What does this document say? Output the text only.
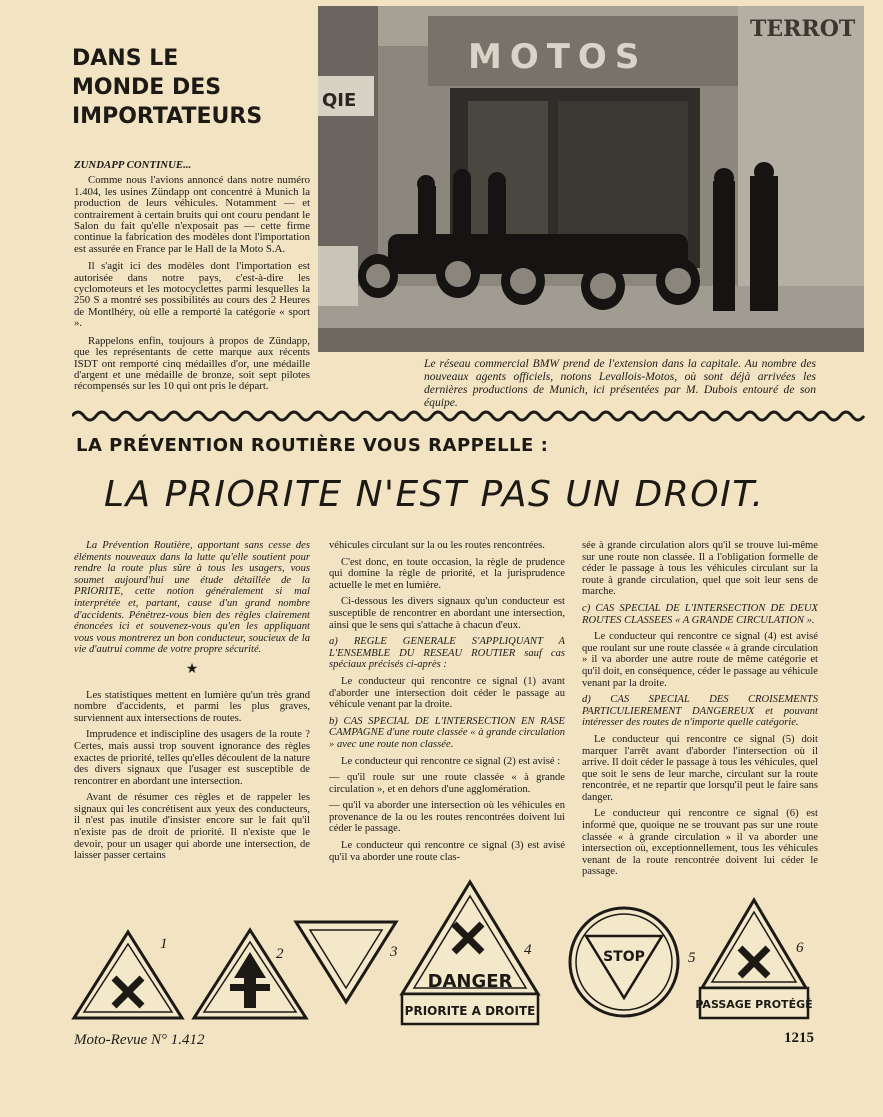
DANS LE
MONDE DES
IMPORTATEURS

ZUNDAPP CONTINUE...

Comme nous l'avions annoncé dans notre numéro 1.404, les usines Zündapp ont concentré à Munich la production de leurs véhicules. Notamment — et contrairement à certain bruits qui ont couru pendant le Salon du fait qu'elle n'exposait pas — cette firme continue la fabrication des modèles dont l'importation est assurée en France par le Hall de la Moto S.A.

Il s'agit ici des modèles dont l'importation est autorisée dans notre pays, c'est-à-dire les cyclomoteurs et les motocyclettes parmi lesquelles la 250 S a montré ses possibilités au cours des 2 Heures de Montlhéry, où elle a remporté la catégorie « sport ».

Rappelons enfin, toujours à propos de Zündapp, que les représentants de cette marque aux récents ISDT ont remporté cinq médailles d'or, une médaille d'argent et une médaille de bronze, soit sept pilotes récompensés sur les 10 qui ont pris le départ.

QIE
MOTOS
TERROT

Le réseau commercial BMW prend de l'extension dans la capitale. Au nombre des nouveaux agents officiels, notons Levallois-Motos, où sont déjà arrivées les dernières productions de Munich, ici présentées par M. Dubois entouré de son équipe.

LA PRÉVENTION ROUTIÈRE VOUS RAPPELLE :
LA PRIORITE N'EST PAS UN DROIT.

La Prévention Routière, apportant sans cesse des éléments nouveaux dans la lutte qu'elle soutient pour rendre la route plus sûre à tous les usagers, vous soumet aujourd'hui une étude détaillée de la PRIORITE, cette notion généralement si mal interprétée et, partant, cause d'un grand nombre d'accidents. Pénétrez-vous bien des règles clairement énoncées ici et souvenez-vous qu'en les appliquant vous vous montrerez un bon conducteur, soucieux de la vie d'autrui comme de votre propre sécurité.

★

Les statistiques mettent en lumière qu'un très grand nombre d'accidents, et parmi les plus graves, surviennent aux intersections de routes.

Imprudence et indiscipline des usagers de la route ? Certes, mais aussi trop souvent ignorance des règles exactes de priorité, telles qu'elles découlent de la nature des divers signaux que l'usager est susceptible de rencontrer en abordant une intersection.

Avant de résumer ces règles et de rappeler les signaux qui les concrétisent aux yeux des conducteurs, il n'est pas inutile d'insister encore sur le fait qu'il n'existe pas de droit de priorité. Il n'existe que le devoir, pour un usager qui aborde une intersection, de laisser passer certains

véhicules circulant sur la ou les routes rencontrées.

C'est donc, en toute occasion, la règle de prudence qui domine la règle de priorité, et la jurisprudence actuelle le met en lumière.

Ci-dessous les divers signaux qu'un conducteur est susceptible de rencontrer en abordant une intersection, ainsi que le sens qui s'attache à chacun d'eux.

a) REGLE GENERALE S'APPLIQUANT A L'ENSEMBLE DU RESEAU ROUTIER sauf cas spéciaux précisés ci-après :

Le conducteur qui rencontre ce signal (1) avant d'aborder une intersection doit céder le passage au véhicule venant par la droite.

b) CAS SPECIAL DE L'INTERSECTION EN RASE CAMPAGNE d'une route classée « à grande circulation » avec une route non classée.

Le conducteur qui rencontre ce signal (2) est avisé :

— qu'il roule sur une route classée « à grande circulation », et en dehors d'une agglomération.

— qu'il va aborder une intersection où les véhicules en provenance de la ou les routes rencontrées doivent lui céder le passage.

Le conducteur qui rencontre ce signal (3) est avisé qu'il va aborder une route clas-

sée à grande circulation alors qu'il se trouve lui-même sur une route non classée. Il a l'obligation formelle de céder le passage à tous les véhicules circulant sur la route à grande circulation, quel que soit leur sens de marche.

c) CAS SPECIAL DE L'INTERSECTION DE DEUX ROUTES CLASSEES « A GRANDE CIRCULATION ».

Le conducteur qui rencontre ce signal (4) est avisé que roulant sur une route classée « à grande circulation » il va aborder une autre route de même catégorie et qu'il doit, en conséquence, céder le passage au véhicule venant par la droite.

d) CAS SPECIAL DES CROISEMENTS PARTICULIEREMENT DANGEREUX et pouvant intéresser des routes de n'importe quelle catégorie.

Le conducteur qui rencontre ce signal (5) doit marquer l'arrêt avant d'aborder l'intersection où il arrive. Il doit céder le passage à tous les véhicules, quel que soit le sens de leur marche, circulant sur la route rencontrée, et ne repartir que lorsqu'il peut le faire sans danger.

Le conducteur qui rencontre ce signal (6) est informé que, quoique ne se trouvant pas sur une route classée « à grande circulation » il va aborder une intersection où, exceptionnellement, tous les véhicules venant de la route rencontrée doivent lui céder le passage.

1
2	3
DANGER
PRIORITE A DROITE
4	STOP	5
PASSAGE PROTÉGÉ
6
Moto-Revue N° 1.412	1215
